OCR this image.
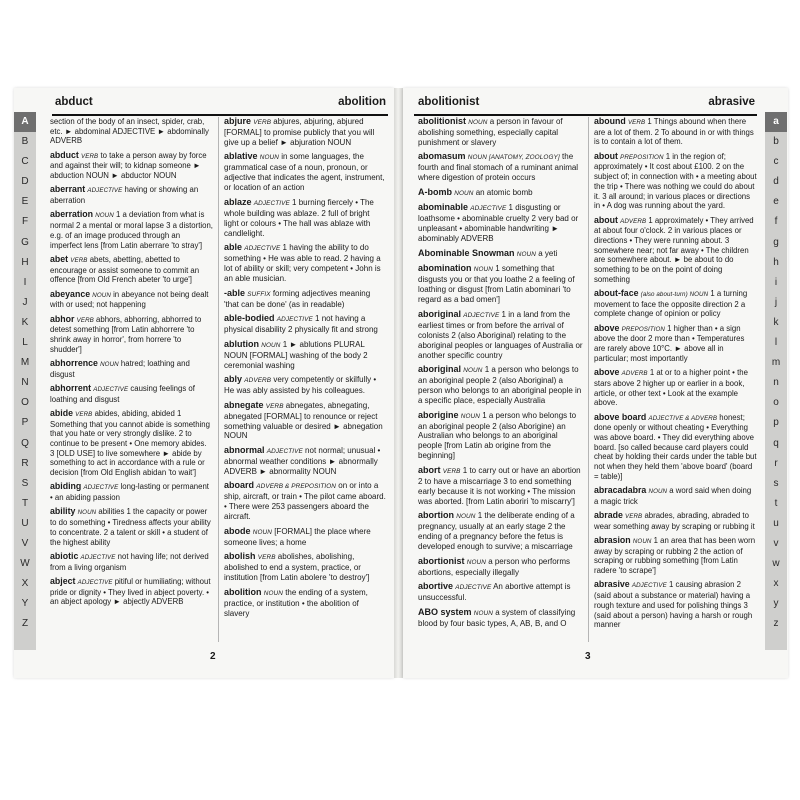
A
B
C
D
E
F
G
H
I
J
K
L
M
N
O
P
Q
R
S
T
U
V
W
X
Y
Z
a
b
c
d
e
f
g
h
i
j
k
l
m
n
o
p
q
r
s
t
u
v
w
x
y
z
abduct	abolition	abolitionist	abrasive

section of the body of an insect, spider, crab, etc. ► abdominal ADJECTIVE ► abdominally ADVERB

abduct VERB to take a person away by force and against their will; to kidnap someone ► abduction NOUN ► abductor NOUN

aberrant ADJECTIVE having or showing an aberration

aberration NOUN 1 a deviation from what is normal 2 a mental or moral lapse 3 a distortion, e.g. of an image produced through an imperfect lens [from Latin aberrare 'to stray']

abet VERB abets, abetting, abetted to encourage or assist someone to commit an offence [from Old French abeter 'to urge']

abeyance NOUN in abeyance not being dealt with or used; not happening

abhor VERB abhors, abhorring, abhorred to detest something [from Latin abhorrere 'to shrink away in horror', from horrere 'to shudder']

abhorrence NOUN hatred; loathing and disgust

abhorrent ADJECTIVE causing feelings of loathing and disgust

abide VERB abides, abiding, abided 1 Something that you cannot abide is something that you hate or very strongly dislike. 2 to continue to be present • One memory abides. 3 [OLD USE] to live somewhere ► abide by something to act in accordance with a rule or decision [from Old English abidan 'to wait']

abiding ADJECTIVE long-lasting or permanent • an abiding passion

ability NOUN abilities 1 the capacity or power to do something • Tiredness affects your ability to concentrate. 2 a talent or skill • a student of the highest ability

abiotic ADJECTIVE not having life; not derived from a living organism

abject ADJECTIVE pitiful or humiliating; without pride or dignity • They lived in abject poverty. • an abject apology ► abjectly ADVERB

abjure VERB abjures, abjuring, abjured [FORMAL] to promise publicly that you will give up a belief ► abjuration NOUN

ablative NOUN in some languages, the grammatical case of a noun, pronoun, or adjective that indicates the agent, instrument, or location of an action

ablaze ADJECTIVE 1 burning fiercely • The whole building was ablaze. 2 full of bright light or colours • The hall was ablaze with candlelight.

able ADJECTIVE 1 having the ability to do something • He was able to read. 2 having a lot of ability or skill; very competent • John is an able musician.

-able SUFFIX forming adjectives meaning 'that can be done' (as in readable)

able-bodied ADJECTIVE 1 not having a physical disability 2 physically fit and strong

ablution NOUN 1 ► ablutions PLURAL NOUN [FORMAL] washing of the body 2 ceremonial washing

ably ADVERB very competently or skilfully • He was ably assisted by his colleagues.

abnegate VERB abnegates, abnegating, abnegated [FORMAL] to renounce or reject something valuable or desired ► abnegation NOUN

abnormal ADJECTIVE not normal; unusual • abnormal weather conditions ► abnormally ADVERB ► abnormality NOUN

aboard ADVERB & PREPOSITION on or into a ship, aircraft, or train • The pilot came aboard. • There were 253 passengers aboard the aircraft.

abode NOUN [FORMAL] the place where someone lives; a home

abolish VERB abolishes, abolishing, abolished to end a system, practice, or institution [from Latin abolere 'to destroy']

abolition NOUN the ending of a system, practice, or institution • the abolition of slavery

abolitionist NOUN a person in favour of abolishing something, especially capital punishment or slavery

abomasum NOUN [ANATOMY, ZOOLOGY] the fourth and final stomach of a ruminant animal where digestion of protein occurs

A-bomb NOUN an atomic bomb

abominable ADJECTIVE 1 disgusting or loathsome • abominable cruelty 2 very bad or unpleasant • abominable handwriting ► abominably ADVERB

Abominable Snowman NOUN a yeti

abomination NOUN 1 something that disgusts you or that you loathe 2 a feeling of loathing or disgust [from Latin abominari 'to regard as a bad omen']

aboriginal ADJECTIVE 1 in a land from the earliest times or from before the arrival of colonists 2 (also Aboriginal) relating to the aboriginal peoples or languages of Australia or another specific country

aboriginal NOUN 1 a person who belongs to an aboriginal people 2 (also Aboriginal) a person who belongs to an aboriginal people in a specific place, especially Australia

aborigine NOUN 1 a person who belongs to an aboriginal people 2 (also Aborigine) an Australian who belongs to an aboriginal people [from Latin ab origine from the beginning]

abort VERB 1 to carry out or have an abortion 2 to have a miscarriage 3 to end something early because it is not working • The mission was aborted. [from Latin aboriri 'to miscarry']

abortion NOUN 1 the deliberate ending of a pregnancy, usually at an early stage 2 the ending of a pregnancy before the fetus is developed enough to survive; a miscarriage

abortionist NOUN a person who performs abortions, especially illegally

abortive ADJECTIVE An abortive attempt is unsuccessful.

ABO system NOUN a system of classifying blood by four basic types, A, AB, B, and O

abound VERB 1 Things abound when there are a lot of them. 2 To abound in or with things is to contain a lot of them.

about PREPOSITION 1 in the region of; approximately • It cost about £100. 2 on the subject of; in connection with • a meeting about the trip • There was nothing we could do about it. 3 all around; in various places or directions in • A dog was running about the yard.

about ADVERB 1 approximately • They arrived at about four o'clock. 2 in various places or directions • They were running about. 3 somewhere near; not far away • The children are somewhere about. ► be about to do something to be on the point of doing something

about-face (also about-turn) NOUN 1 a turning movement to face the opposite direction 2 a complete change of opinion or policy

above PREPOSITION 1 higher than • a sign above the door 2 more than • Temperatures are rarely above 10°C. ► above all in particular; most importantly

above ADVERB 1 at or to a higher point • the stars above 2 higher up or earlier in a book, article, or other text • Look at the example above.

above board ADJECTIVE & ADVERB honest; done openly or without cheating • Everything was above board. • They did everything above board. [so called because card players could cheat by holding their cards under the table but not when they held them 'above board' (board = table)]

abracadabra NOUN a word said when doing a magic trick

abrade VERB abrades, abrading, abraded to wear something away by scraping or rubbing it

abrasion NOUN 1 an area that has been worn away by scraping or rubbing 2 the action of scraping or rubbing something [from Latin radere 'to scrape']

abrasive ADJECTIVE 1 causing abrasion 2 (said about a substance or material) having a rough texture and used for polishing things 3 (said about a person) having a harsh or rough manner

2	3
